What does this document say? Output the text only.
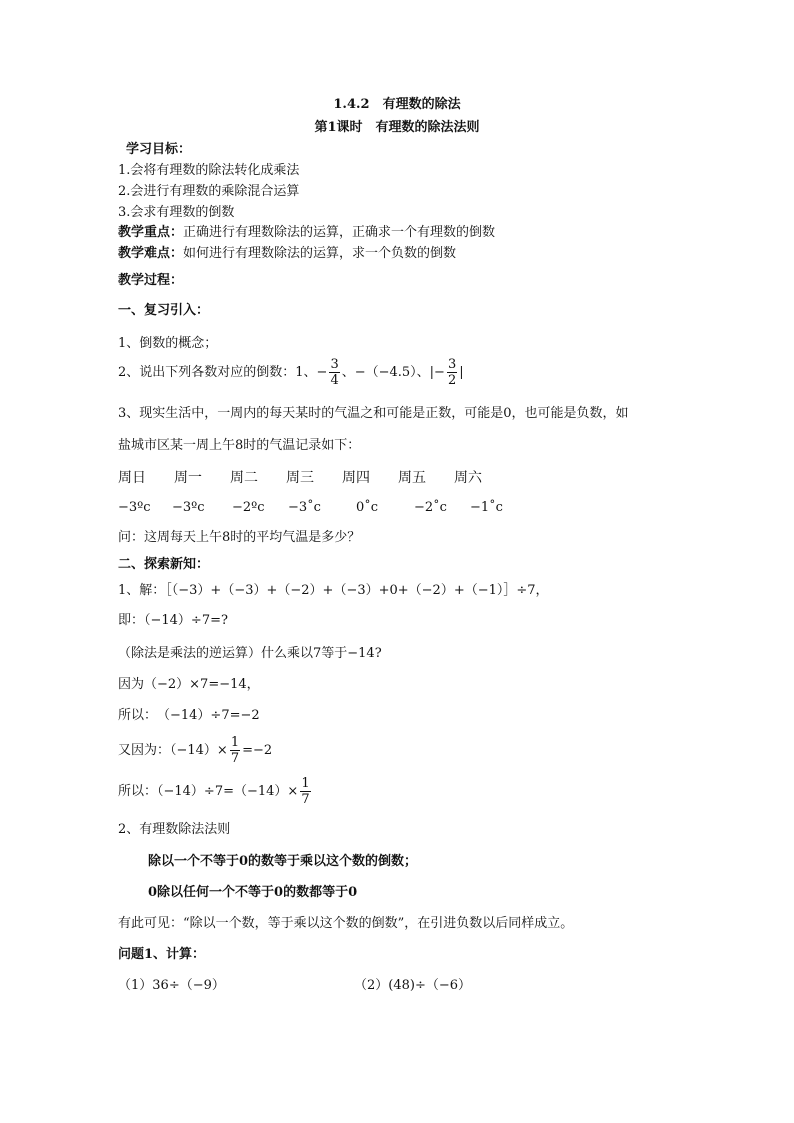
1.4.2　有理数的除法
第1课时　有理数的除法法则
学习目标：
1.会将有理数的除法转化成乘法
2.会进行有理数的乘除混合运算
3.会求有理数的倒数
教学重点：正确进行有理数除法的运算，正确求一个有理数的倒数
教学难点：如何进行有理数除法的运算，求一个负数的倒数
教学过程：
一、复习引入：
1、倒数的概念；
2、说出下列各数对应的倒数：1、− $\frac{3}{4}$ 、−（−4.5）、|− $\frac{3}{2}$ |
3、现实生活中，一周内的每天某时的气温之和可能是正数，可能是0，也可能是负数，如
盐城市区某一周上午8时的气温记录如下：
周日 周一 周二 周三 周四 周五 周六
−3ºc −3ºc −2ºc −3˚c	0˚c	−2˚c −1˚c
问：这周每天上午8时的平均气温是多少？
二、探索新知：
1、解：［（−3）+（−3）+（−2）+（−3）+0+（−2）+（−1）］÷7，
即：（−14）÷7=?
（除法是乘法的逆运算）什么乘以7等于−14?
因为（−2）×7=−14，
所以：　（−14）÷7=−2
又因为：$(-14)\times \frac{1}{7} =-2$
所以：$(-14)\div 7=(-14)\times \frac{1}{7}$
2、有理数除法法则
除以一个不等于0的数等于乘以这个数的倒数；
0除以任何一个不等于0的数都等于0
有此可见：“除以一个数，等于乘以这个数的倒数”，在引进负数以后同样成立。
问题1、计算：
（1）36÷（−9）	（2）(48)÷（−6）
